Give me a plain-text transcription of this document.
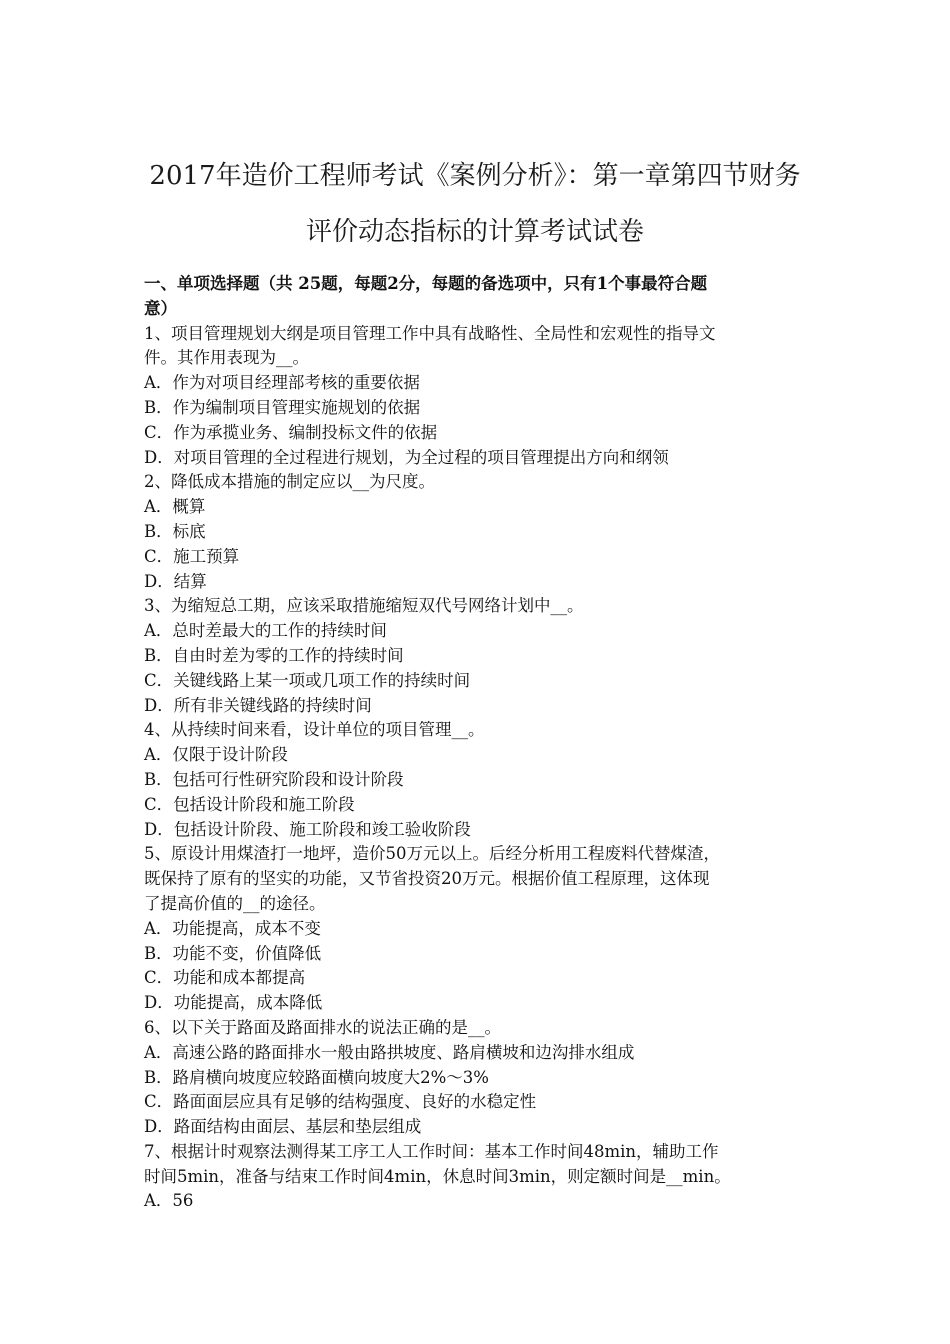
2017年造价工程师考试《案例分析》：第一章第四节财务
评价动态指标的计算考试试卷
一、单项选择题（共 25题，每题2分，每题的备选项中，只有1个事最符合题
意）
1、项目管理规划大纲是项目管理工作中具有战略性、全局性和宏观性的指导文
件。其作用表现为__。
A．作为对项目经理部考核的重要依据
B．作为编制项目管理实施规划的依据
C．作为承揽业务、编制投标文件的依据
D．对项目管理的全过程进行规划，为全过程的项目管理提出方向和纲领
2、降低成本措施的制定应以__为尺度。
A．概算
B．标底
C．施工预算
D．结算
3、为缩短总工期，应该采取措施缩短双代号网络计划中__。
A．总时差最大的工作的持续时间
B．自由时差为零的工作的持续时间
C．关键线路上某一项或几项工作的持续时间
D．所有非关键线路的持续时间
4、从持续时间来看，设计单位的项目管理__。
A．仅限于设计阶段
B．包括可行性研究阶段和设计阶段
C．包括设计阶段和施工阶段
D．包括设计阶段、施工阶段和竣工验收阶段
5、原设计用煤渣打一地坪，造价50万元以上。后经分析用工程废料代替煤渣，
既保持了原有的坚实的功能，又节省投资20万元。根据价值工程原理，这体现
了提高价值的__的途径。
A．功能提高，成本不变
B．功能不变，价值降低
C．功能和成本都提高
D．功能提高，成本降低
6、以下关于路面及路面排水的说法正确的是__。
A．高速公路的路面排水一般由路拱坡度、路肩横坡和边沟排水组成
B．路肩横向坡度应较路面横向坡度大2%～3%
C．路面面层应具有足够的结构强度、良好的水稳定性
D．路面结构由面层、基层和垫层组成
7、根据计时观察法测得某工序工人工作时间：基本工作时间48min，辅助工作
时间5min，准备与结束工作时间4min，休息时间3min，则定额时间是__min。
A．56
